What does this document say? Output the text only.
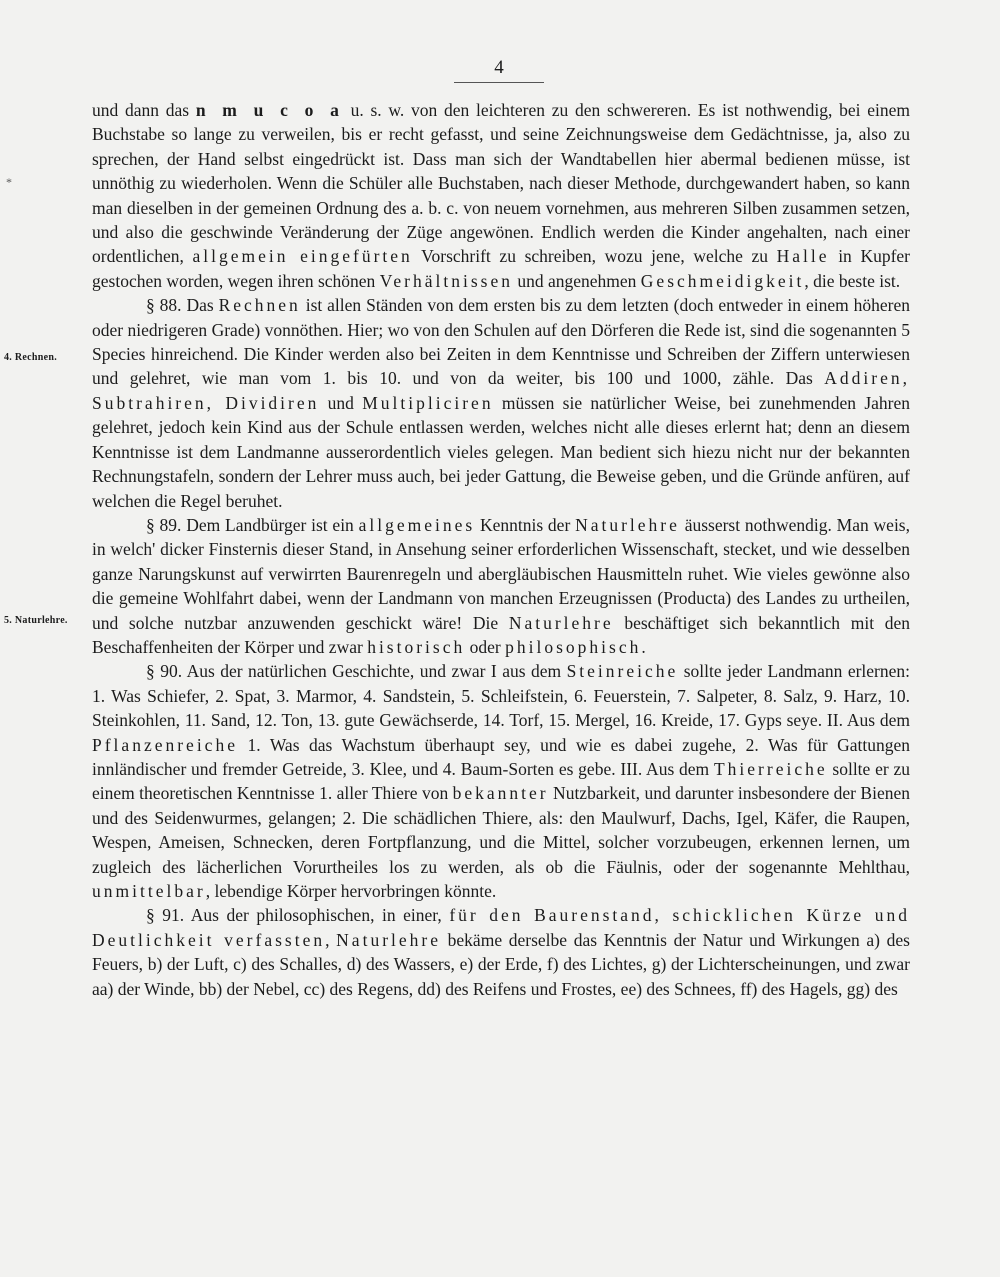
4
*
4. Rechnen.
5. Naturlehre.

und dann das n m u c o a u. s. w. von den leichteren zu den schwereren. Es ist nothwendig, bei einem Buchstabe so lange zu verweilen, bis er recht gefasst, und seine Zeichnungsweise dem Gedächtnisse, ja, also zu sprechen, der Hand selbst eingedrückt ist. Dass man sich der Wandtabellen hier abermal bedienen müsse, ist unnöthig zu wiederholen. Wenn die Schüler alle Buchstaben, nach dieser Methode, durchgewandert haben, so kann man dieselben in der gemeinen Ordnung des a. b. c. von neuem vornehmen, aus mehreren Silben zusammen setzen, und also die geschwinde Veränderung der Züge angewönen. Endlich werden die Kinder angehalten, nach einer ordentlichen, allgemein eingefürten Vorschrift zu schreiben, wozu jene, welche zu Halle in Kupfer gestochen worden, wegen ihren schönen Verhältnissen und angenehmen Geschmeidigkeit, die beste ist.

§ 88. Das Rechnen ist allen Ständen von dem ersten bis zu dem letzten (doch entweder in einem höheren oder niedrigeren Grade) vonnöthen. Hier; wo von den Schulen auf den Dörferen die Rede ist, sind die sogenannten 5 Species hinreichend. Die Kinder werden also bei Zeiten in dem Kenntnisse und Schreiben der Ziffern unterwiesen und gelehret, wie man vom 1. bis 10. und von da weiter, bis 100 und 1000, zähle. Das Addiren, Subtrahiren, Dividiren und Multipliciren müssen sie natürlicher Weise, bei zunehmenden Jahren gelehret, jedoch kein Kind aus der Schule entlassen werden, welches nicht alle dieses erlernt hat; denn an diesem Kenntnisse ist dem Landmanne ausserordentlich vieles gelegen. Man bedient sich hiezu nicht nur der bekannten Rechnungstafeln, sondern der Lehrer muss auch, bei jeder Gattung, die Beweise geben, und die Gründe anfüren, auf welchen die Regel beruhet.

§ 89. Dem Landbürger ist ein allgemeines Kenntnis der Naturlehre äusserst nothwendig. Man weis, in welch' dicker Finsternis dieser Stand, in Ansehung seiner erforderlichen Wissenschaft, stecket, und wie desselben ganze Narungskunst auf verwirrten Baurenregeln und abergläubischen Hausmitteln ruhet. Wie vieles gewönne also die gemeine Wohlfahrt dabei, wenn der Landmann von manchen Erzeugnissen (Producta) des Landes zu urtheilen, und solche nutzbar anzuwenden geschickt wäre! Die Naturlehre beschäftiget sich bekanntlich mit den Beschaffenheiten der Körper und zwar historisch oder philosophisch.

§ 90. Aus der natürlichen Geschichte, und zwar I aus dem Steinreiche sollte jeder Landmann erlernen: 1. Was Schiefer, 2. Spat, 3. Marmor, 4. Sandstein, 5. Schleifstein, 6. Feuerstein, 7. Salpeter, 8. Salz, 9. Harz, 10. Steinkohlen, 11. Sand, 12. Ton, 13. gute Gewächserde, 14. Torf, 15. Mergel, 16. Kreide, 17. Gyps seye. II. Aus dem Pflanzenreiche 1. Was das Wachstum überhaupt sey, und wie es dabei zugehe, 2. Was für Gattungen innländischer und fremder Getreide, 3. Klee, und 4. Baum-Sorten es gebe. III. Aus dem Thierreiche sollte er zu einem theoretischen Kenntnisse 1. aller Thiere von bekannter Nutzbarkeit, und darunter insbesondere der Bienen und des Seidenwurmes, gelangen; 2. Die schädlichen Thiere, als: den Maulwurf, Dachs, Igel, Käfer, die Raupen, Wespen, Ameisen, Schnecken, deren Fortpflanzung, und die Mittel, solcher vorzubeugen, erkennen lernen, um zugleich des lächerlichen Vorurtheiles los zu werden, als ob die Fäulnis, oder der sogenannte Mehlthau, unmittelbar, lebendige Körper hervorbringen könnte.

§ 91. Aus der philosophischen, in einer, für den Baurenstand, schicklichen Kürze und Deutlichkeit verfassten, Naturlehre bekäme derselbe das Kenntnis der Natur und Wirkungen a) des Feuers, b) der Luft, c) des Schalles, d) des Wassers, e) der Erde, f) des Lichtes, g) der Lichterscheinungen, und zwar aa) der Winde, bb) der Nebel, cc) des Regens, dd) des Reifens und Frostes, ee) des Schnees, ff) des Hagels, gg) des
